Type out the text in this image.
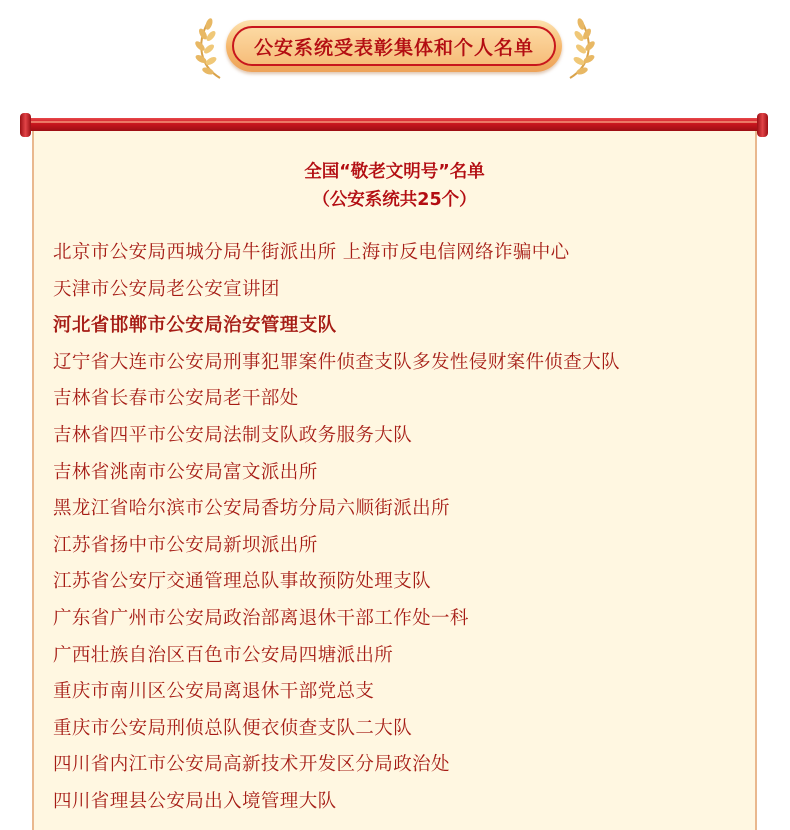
公安系统受表彰集体和个人名单
全国“敬老文明号”名单
（公安系统共25个）
北京市公安局西城分局牛街派出所 上海市反电信网络诈骗中心
天津市公安局老公安宣讲团
河北省邯郸市公安局治安管理支队
辽宁省大连市公安局刑事犯罪案件侦查支队多发性侵财案件侦查大队
吉林省长春市公安局老干部处
吉林省四平市公安局法制支队政务服务大队
吉林省洮南市公安局富文派出所
黑龙江省哈尔滨市公安局香坊分局六顺街派出所
江苏省扬中市公安局新坝派出所
江苏省公安厅交通管理总队事故预防处理支队
广东省广州市公安局政治部离退休干部工作处一科
广西壮族自治区百色市公安局四塘派出所
重庆市南川区公安局离退休干部党总支
重庆市公安局刑侦总队便衣侦查支队二大队
四川省内江市公安局高新技术开发区分局政治处
四川省理县公安局出入境管理大队
